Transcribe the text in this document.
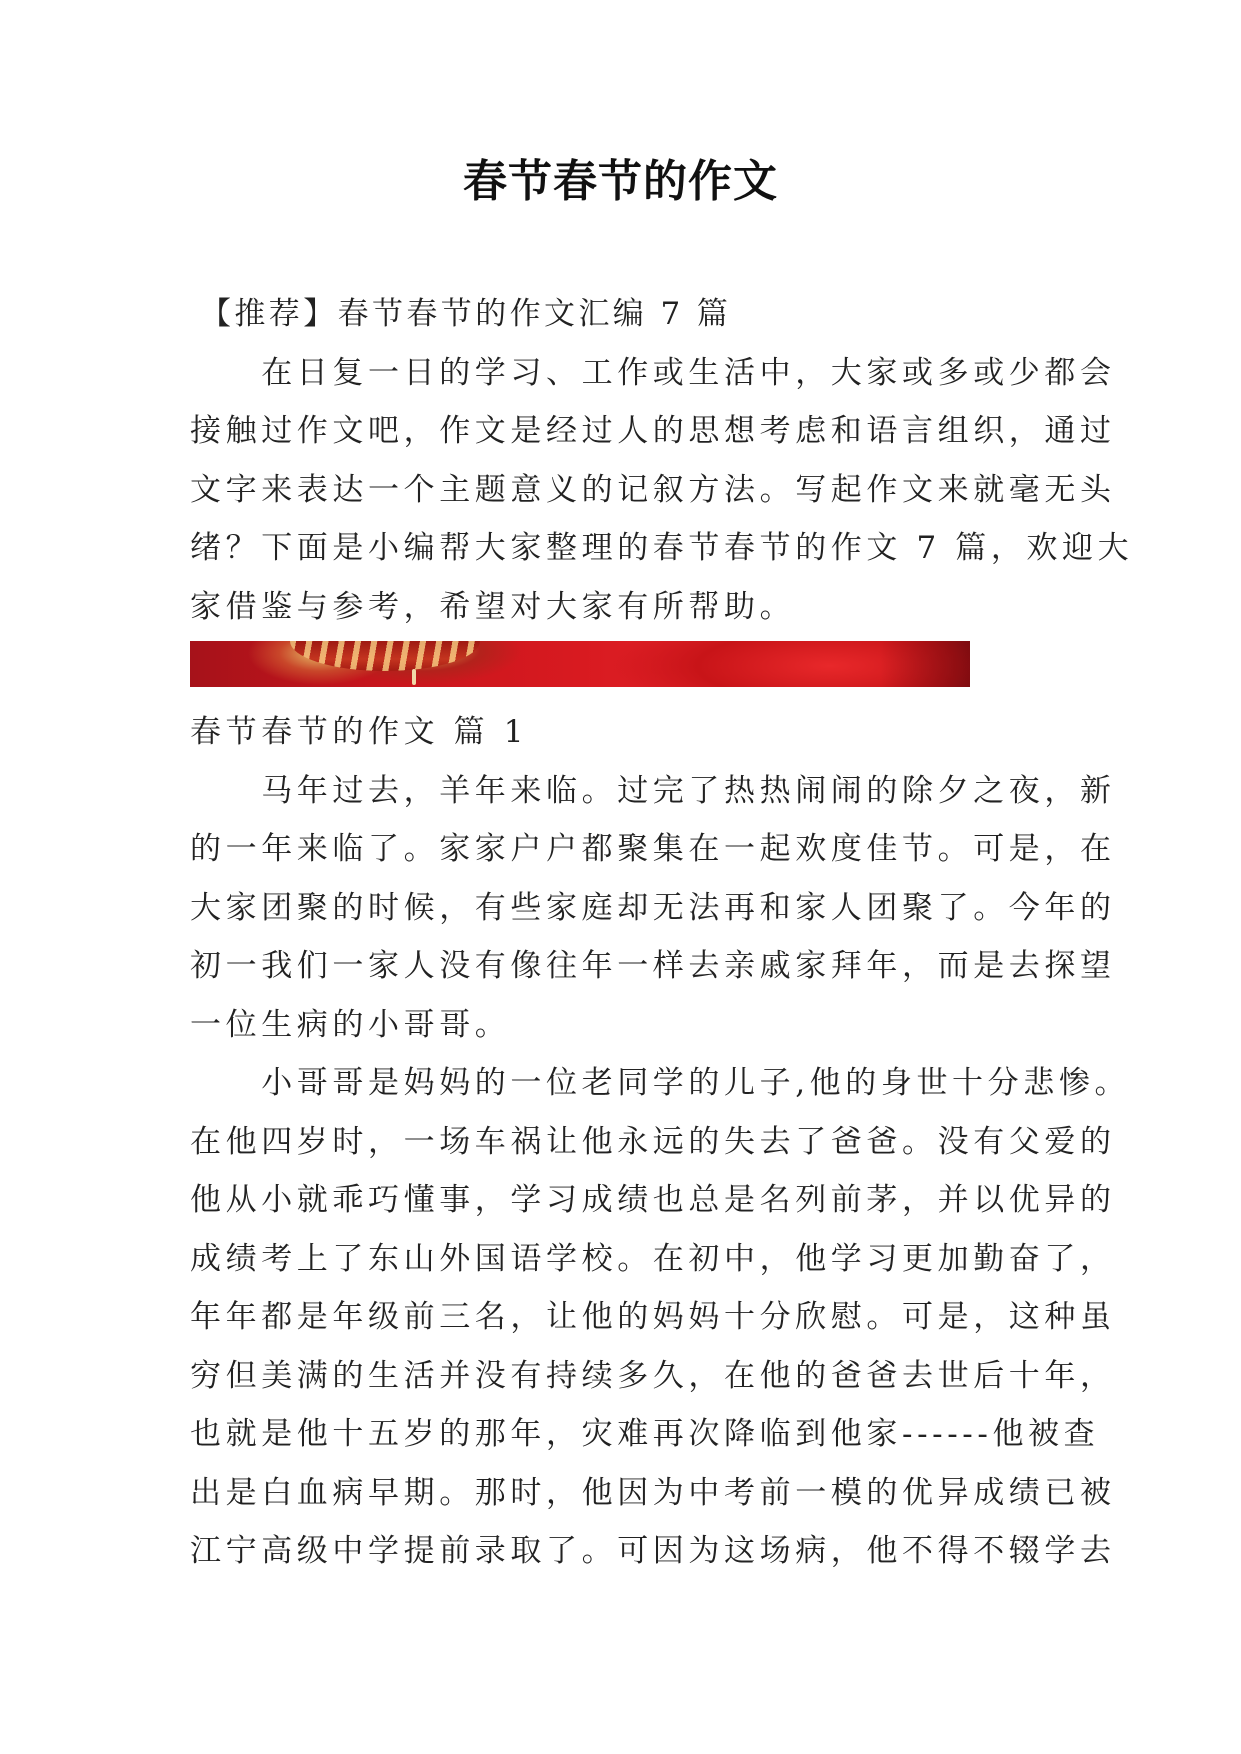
春节春节的作文
【推荐】春节春节的作文汇编 7 篇
　　在日复一日的学习、工作或生活中，大家或多或少都会
接触过作文吧，作文是经过人的思想考虑和语言组织，通过
文字来表达一个主题意义的记叙方法。写起作文来就毫无头
绪？下面是小编帮大家整理的春节春节的作文 7 篇，欢迎大
家借鉴与参考，希望对大家有所帮助。
春节春节的作文 篇 1
　　马年过去，羊年来临。过完了热热闹闹的除夕之夜，新
的一年来临了。家家户户都聚集在一起欢度佳节。可是，在
大家团聚的时候，有些家庭却无法再和家人团聚了。今年的
初一我们一家人没有像往年一样去亲戚家拜年，而是去探望
一位生病的小哥哥。
　　小哥哥是妈妈的一位老同学的儿子,他的身世十分悲惨。
在他四岁时，一场车祸让他永远的失去了爸爸。没有父爱的
他从小就乖巧懂事，学习成绩也总是名列前茅，并以优异的
成绩考上了东山外国语学校。在初中，他学习更加勤奋了，
年年都是年级前三名，让他的妈妈十分欣慰。可是，这种虽
穷但美满的生活并没有持续多久，在他的爸爸去世后十年，
也就是他十五岁的那年，灾难再次降临到他家------他被查
出是白血病早期。那时，他因为中考前一模的优异成绩已被
江宁高级中学提前录取了。可因为这场病，他不得不辍学去
